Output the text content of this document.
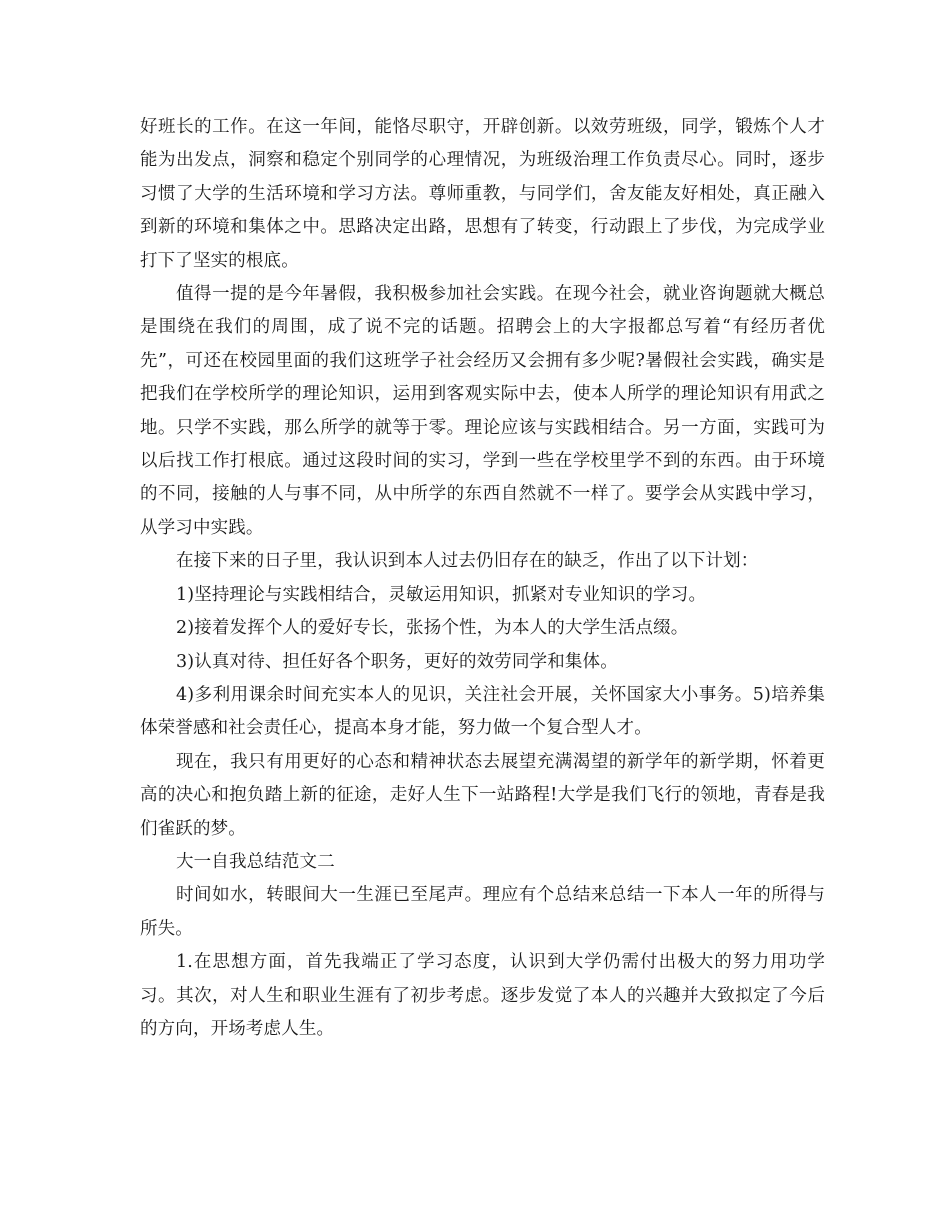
好班长的工作。在这一年间，能恪尽职守，开辟创新。以效劳班级，同学，锻炼个人才能为出发点，洞察和稳定个别同学的心理情况，为班级治理工作负责尽心。同时，逐步习惯了大学的生活环境和学习方法。尊师重教，与同学们，舍友能友好相处，真正融入到新的环境和集体之中。思路决定出路，思想有了转变，行动跟上了步伐，为完成学业打下了坚实的根底。

值得一提的是今年暑假，我积极参加社会实践。在现今社会，就业咨询题就大概总是围绕在我们的周围，成了说不完的话题。招聘会上的大字报都总写着“有经历者优先”，可还在校园里面的我们这班学子社会经历又会拥有多少呢?暑假社会实践，确实是把我们在学校所学的理论知识，运用到客观实际中去，使本人所学的理论知识有用武之地。只学不实践，那么所学的就等于零。理论应该与实践相结合。另一方面，实践可为以后找工作打根底。通过这段时间的实习，学到一些在学校里学不到的东西。由于环境的不同，接触的人与事不同，从中所学的东西自然就不一样了。要学会从实践中学习，从学习中实践。

在接下来的日子里，我认识到本人过去仍旧存在的缺乏，作出了以下计划：

1)坚持理论与实践相结合，灵敏运用知识，抓紧对专业知识的学习。

2)接着发挥个人的爱好专长，张扬个性，为本人的大学生活点缀。

3)认真对待、担任好各个职务，更好的效劳同学和集体。

4)多利用课余时间充实本人的见识，关注社会开展，关怀国家大小事务。5)培养集体荣誉感和社会责任心，提高本身才能，努力做一个复合型人才。

现在，我只有用更好的心态和精神状态去展望充满渴望的新学年的新学期，怀着更高的决心和抱负踏上新的征途，走好人生下一站路程!大学是我们飞行的领地，青春是我们雀跃的梦。

大一自我总结范文二

时间如水，转眼间大一生涯已至尾声。理应有个总结来总结一下本人一年的所得与所失。

1.在思想方面，首先我端正了学习态度，认识到大学仍需付出极大的努力用功学习。其次，对人生和职业生涯有了初步考虑。逐步发觉了本人的兴趣并大致拟定了今后的方向，开场考虑人生。
